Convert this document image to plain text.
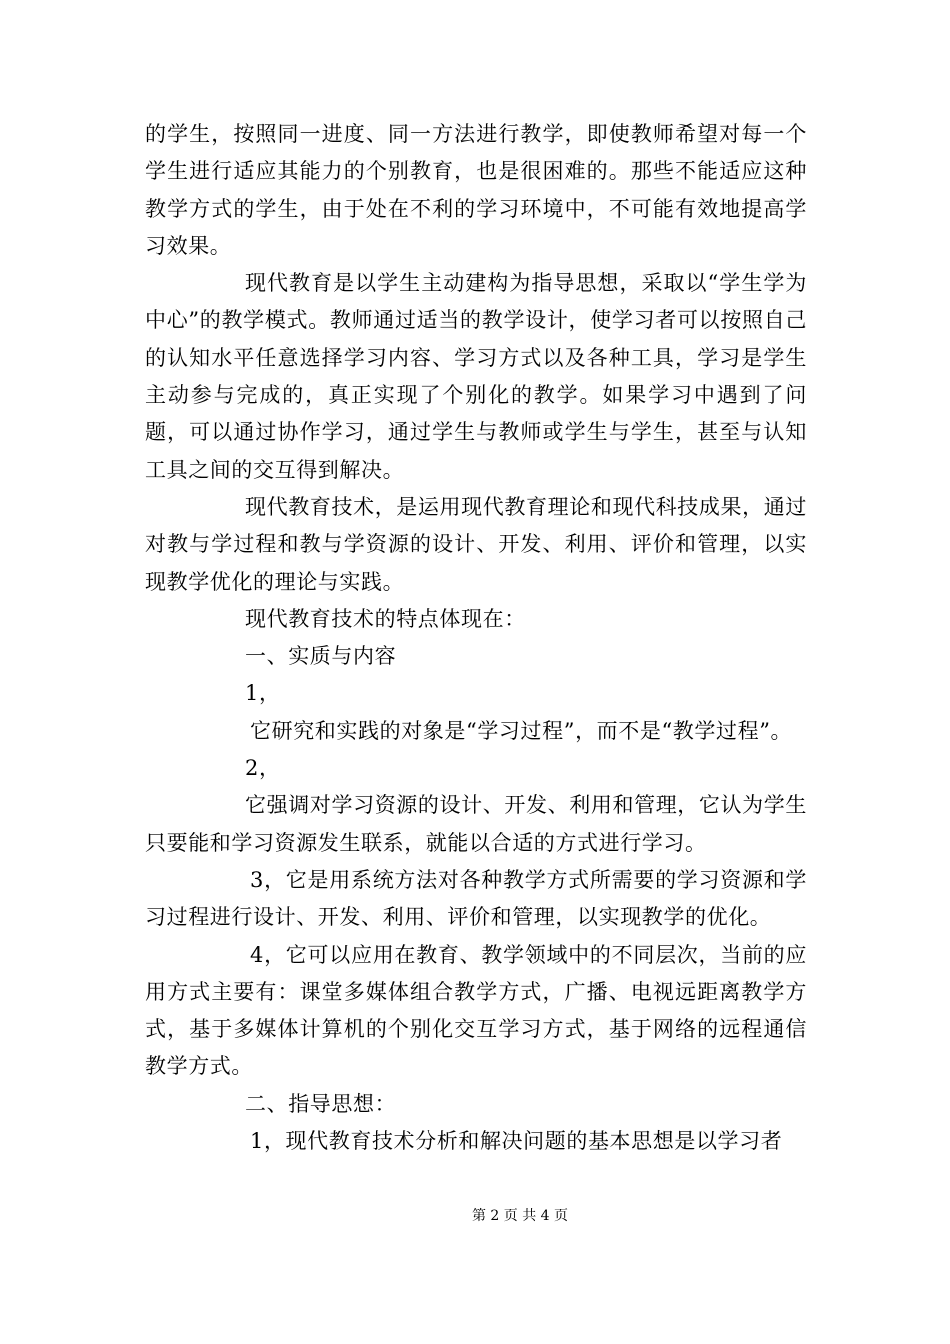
的学生，按照同一进度、同一方法进行教学，即使教师希望对每一个学生进行适应其能力的个别教育，也是很困难的。那些不能适应这种教学方式的学生，由于处在不利的学习环境中，不可能有效地提高学习效果。

现代教育是以学生主动建构为指导思想，采取以“学生学为中心”的教学模式。教师通过适当的教学设计，使学习者可以按照自己的认知水平任意选择学习内容、学习方式以及各种工具，学习是学生主动参与完成的，真正实现了个别化的教学。如果学习中遇到了问题，可以通过协作学习，通过学生与教师或学生与学生，甚至与认知工具之间的交互得到解决。

现代教育技术，是运用现代教育理论和现代科技成果，通过对教与学过程和教与学资源的设计、开发、利用、评价和管理，以实现教学优化的理论与实践。

现代教育技术的特点体现在：

一、实质与内容

1，

它研究和实践的对象是“学习过程”，而不是“教学过程”。

2，

它强调对学习资源的设计、开发、利用和管理，它认为学生只要能和学习资源发生联系，就能以合适的方式进行学习。

3，它是用系统方法对各种教学方式所需要的学习资源和学习过程进行设计、开发、利用、评价和管理，以实现教学的优化。

4，它可以应用在教育、教学领域中的不同层次，当前的应用方式主要有：课堂多媒体组合教学方式，广播、电视远距离教学方式，基于多媒体计算机的个别化交互学习方式，基于网络的远程通信教学方式。

二、指导思想：

1，现代教育技术分析和解决问题的基本思想是以学习者

第 2 页 共 4 页
